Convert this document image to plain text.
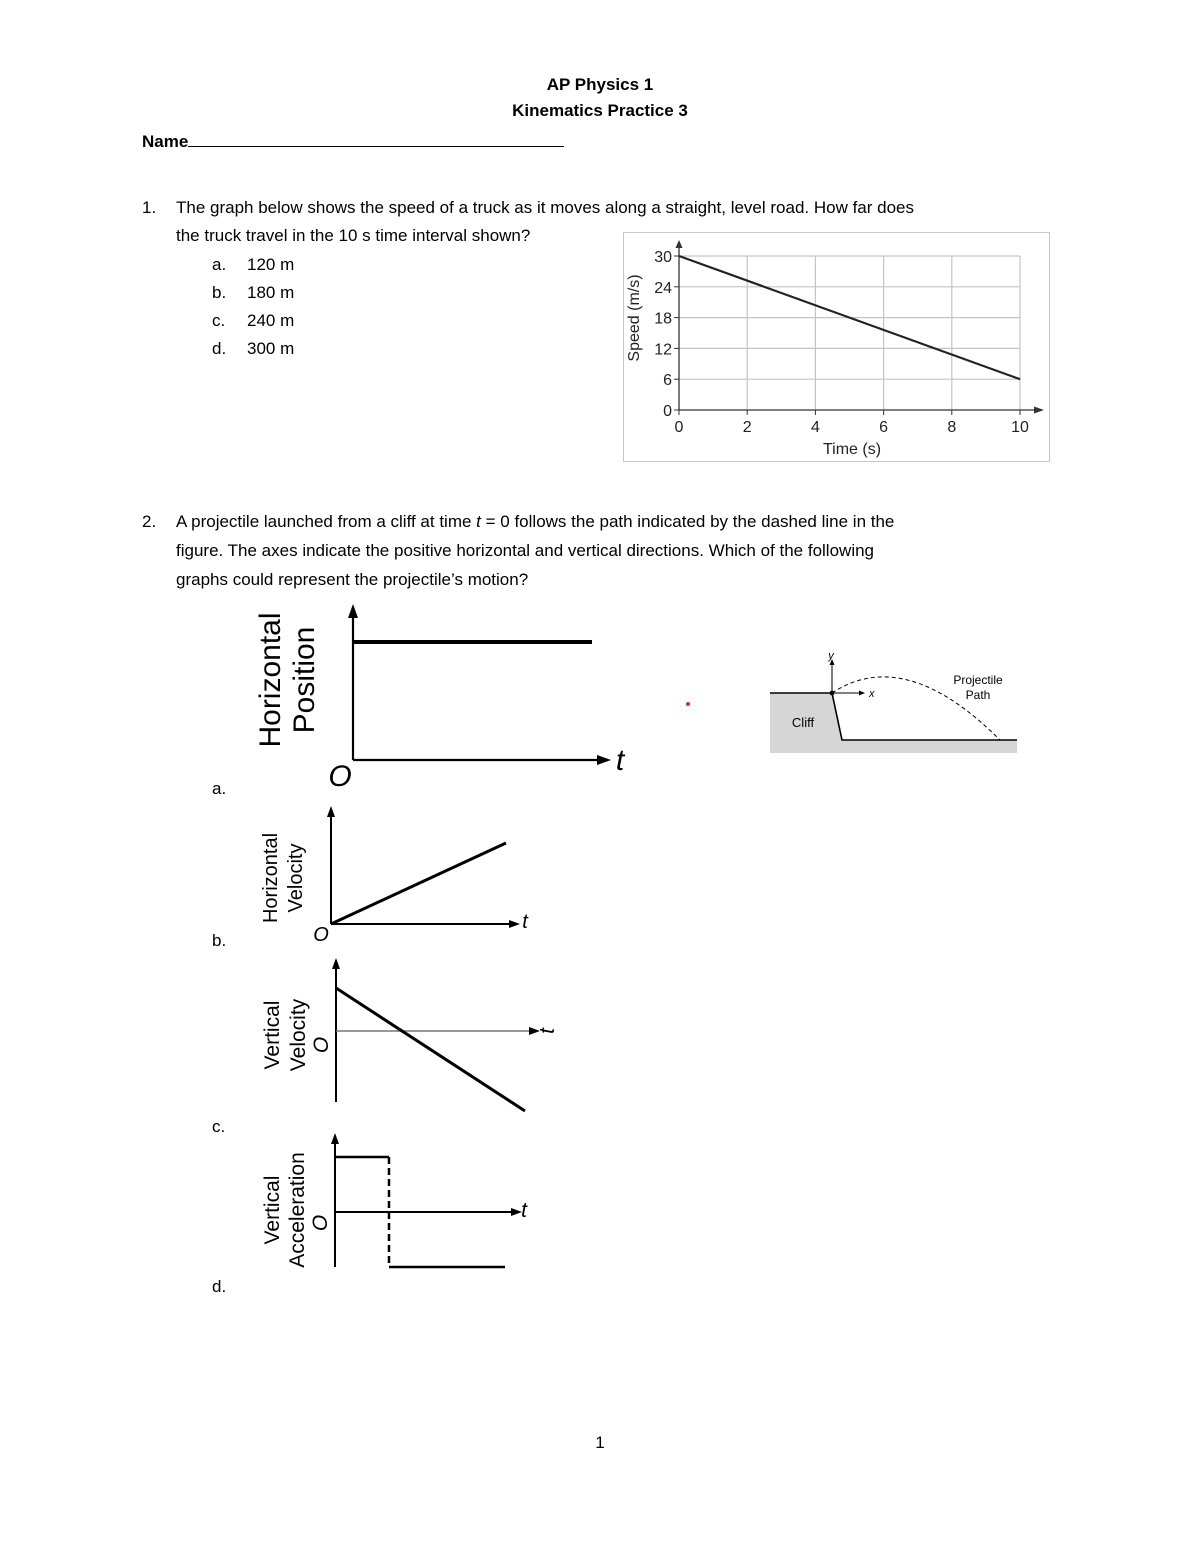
AP Physics 1
Kinematics Practice 3
Name
1. The graph below shows the speed of a truck as it moves along a straight, level road. How far does
the truck travel in the 10 s time interval shown?
a. 120 m
b. 180 m
c. 240 m
d. 300 m
0	2	4	6	8	10
0
6
12
18
24
30
Time (s)
Speed (m/s)
2. A projectile launched from a cliff at time t = 0 follows the path indicated by the dashed line in the
figure. The axes indicate the positive horizontal and vertical directions. Which of the following
graphs could represent the projectile’s motion?
y
x
Cliff
Projectile
Path
a.
Horizontal Position
O	t
b.
Horizontal Velocity
O
t
c.
Vertical Velocity O
t
d.
Vertical Acceleration O
t
1
